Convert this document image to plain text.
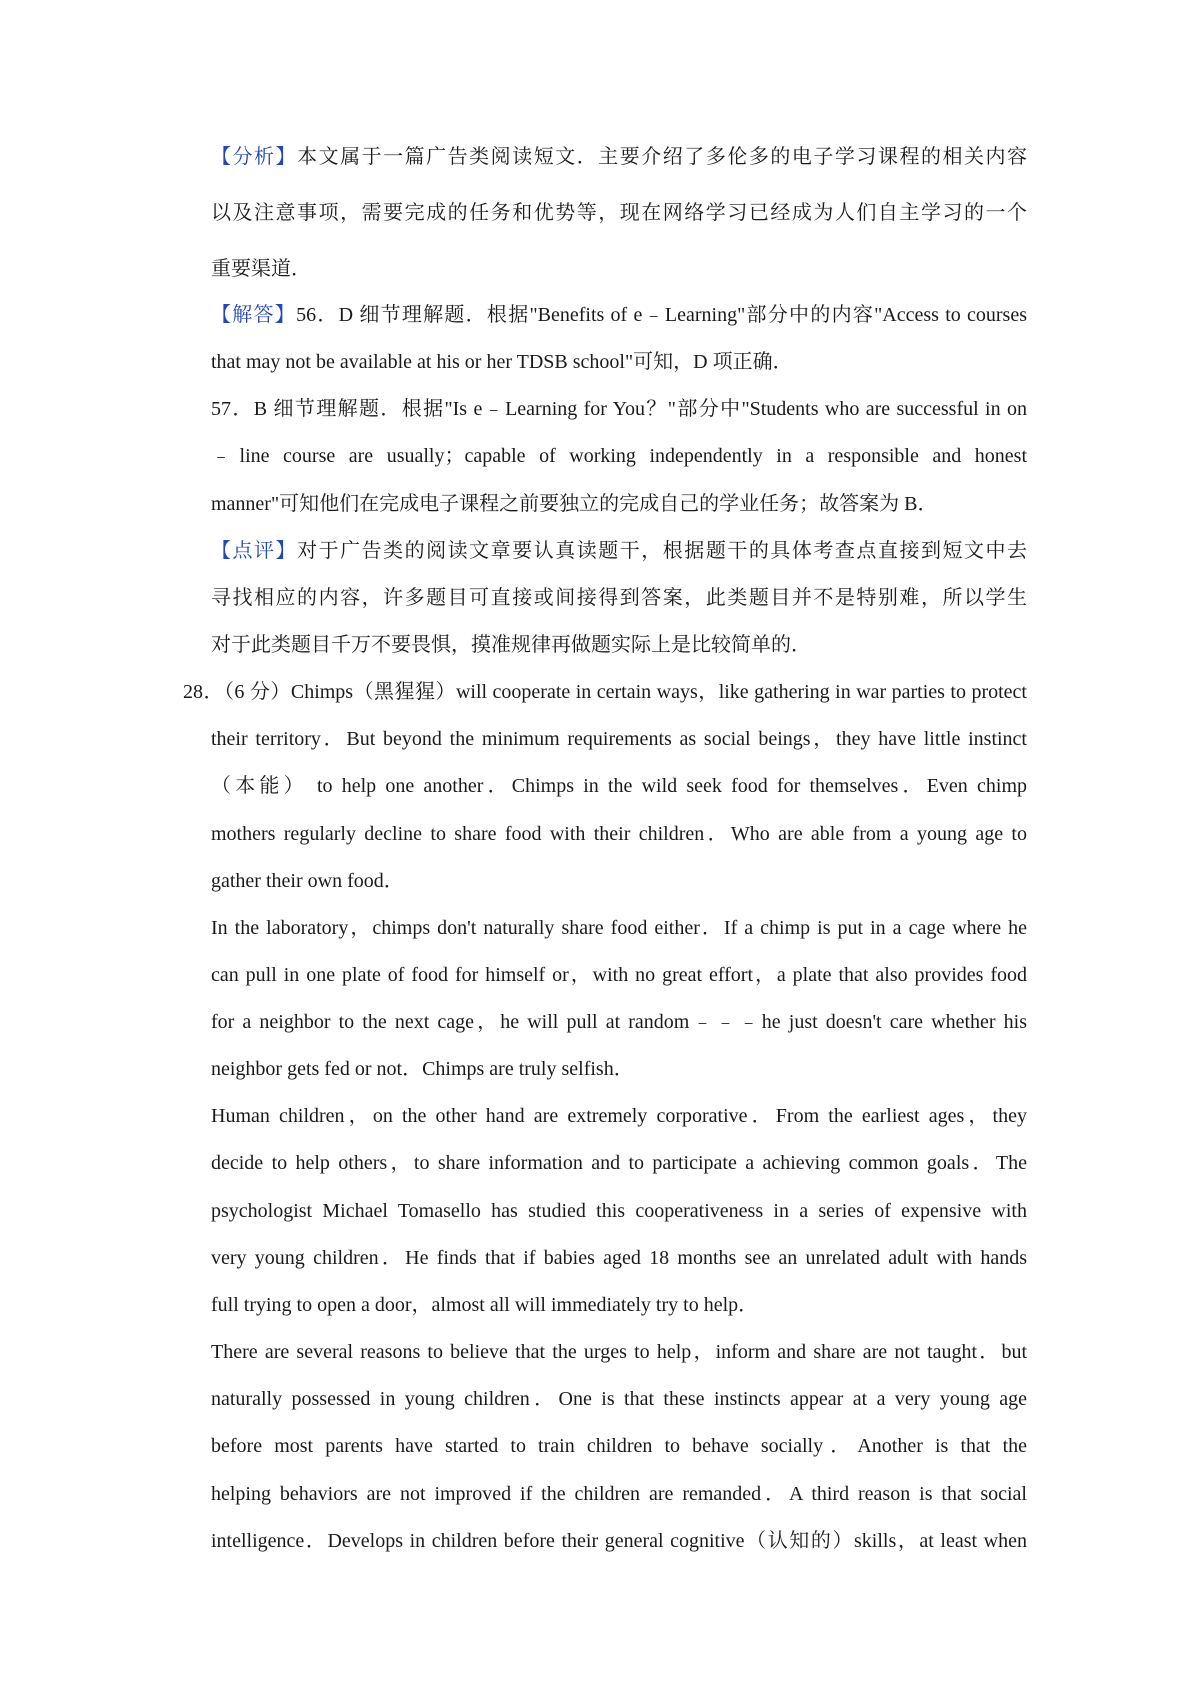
【分析】本文属于一篇广告类阅读短文．主要介绍了多伦多的电子学习课程的相关内容
以及注意事项，需要完成的任务和优势等，现在网络学习已经成为人们自主学习的一个
重要渠道．
【解答】56．D 细节理解题．根据"Benefits of e﹣Learning"部分中的内容"Access to courses
that may not be available at his or her TDSB school"可知，D 项正确．
57．B 细节理解题．根据"Is e﹣Learning for You？"部分中"Students who are successful in on
﹣line course are usually；capable of working independently in a responsible and honest
manner"可知他们在完成电子课程之前要独立的完成自己的学业任务；故答案为 B．
【点评】对于广告类的阅读文章要认真读题干，根据题干的具体考查点直接到短文中去
寻找相应的内容，许多题目可直接或间接得到答案，此类题目并不是特别难，所以学生
对于此类题目千万不要畏惧，摸准规律再做题实际上是比较简单的．
28．（6 分）Chimps（黑猩猩）will cooperate in certain ways，like gathering in war parties to protect
their territory．But beyond the minimum requirements as social beings，they have little instinct
（本能） to help one another．Chimps in the wild seek food for themselves．Even chimp
mothers regularly decline to share food with their children．Who are able from a young age to
gather their own food．
In the laboratory，chimps don't naturally share food either．If a chimp is put in a cage where he
can pull in one plate of food for himself or，with no great effort，a plate that also provides food
for a neighbor to the next cage，he will pull at random﹣﹣﹣he just doesn't care whether his
neighbor gets fed or not．Chimps are truly selfish．
Human children，on the other hand are extremely corporative．From the earliest ages，they
decide to help others，to share information and to participate a achieving common goals．The
psychologist Michael Tomasello has studied this cooperativeness in a series of expensive with
very young children．He finds that if babies aged 18 months see an unrelated adult with hands
full trying to open a door，almost all will immediately try to help．
There are several reasons to believe that the urges to help，inform and share are not taught．but
naturally possessed in young children．One is that these instincts appear at a very young age
before most parents have started to train children to behave socially．Another is that the
helping behaviors are not improved if the children are remanded．A third reason is that social
intelligence．Develops in children before their general cognitive（认知的）skills，at least when
